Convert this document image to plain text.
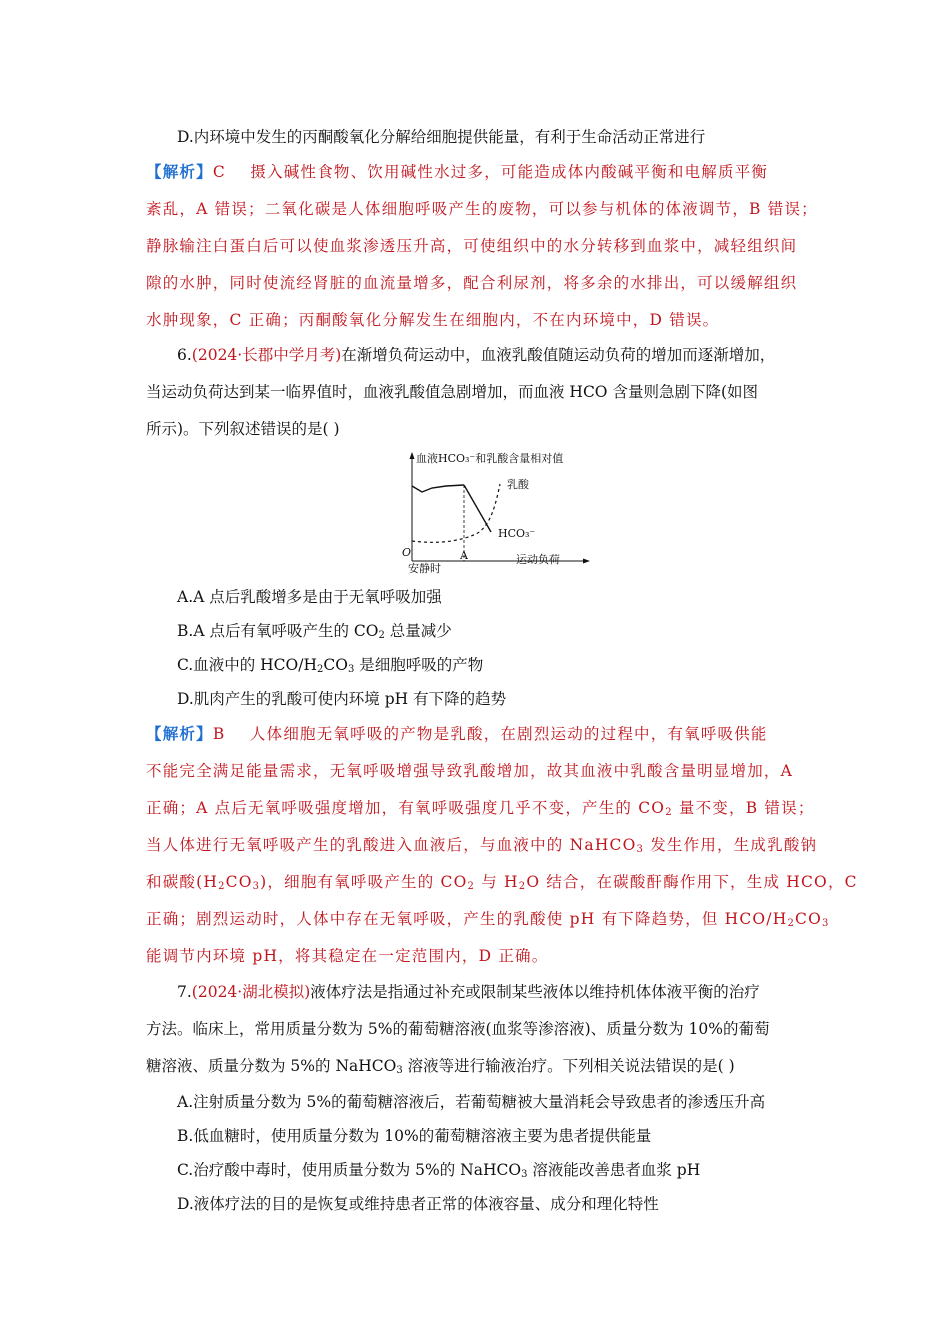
D.内环境中发生的丙酮酸氧化分解给细胞提供能量，有利于生命活动正常进行
【解析】C 摄入碱性食物、饮用碱性水过多，可能造成体内酸碱平衡和电解质平衡
紊乱，A 错误；二氧化碳是人体细胞呼吸产生的废物，可以参与机体的体液调节，B 错误；
静脉输注白蛋白后可以使血浆渗透压升高，可使组织中的水分转移到血浆中，减轻组织间
隙的水肿，同时使流经肾脏的血流量增多，配合利尿剂，将多余的水排出，可以缓解组织
水肿现象，C 正确；丙酮酸氧化分解发生在细胞内，不在内环境中，D 错误。
6.(2024·长郡中学月考)在渐增负荷运动中，血液乳酸值随运动负荷的增加而逐渐增加，
当运动负荷达到某一临界值时，血液乳酸值急剧增加，而血液 HCO 含量则急剧下降(如图
所示)。下列叙述错误的是( )
血液HCO₃⁻和乳酸含量相对值
乳酸
HCO₃⁻
O
安静时
A	运动负荷
A.A 点后乳酸增多是由于无氧呼吸加强
B.A 点后有氧呼吸产生的 $CO_2$ 总量减少
C.血液中的 HCO/$H_2CO_3$ 是细胞呼吸的产物
D.肌肉产生的乳酸可使内环境 pH 有下降的趋势
【解析】B 人体细胞无氧呼吸的产物是乳酸，在剧烈运动的过程中，有氧呼吸供能
不能完全满足能量需求，无氧呼吸增强导致乳酸增加，故其血液中乳酸含量明显增加，A
正确；A 点后无氧呼吸强度增加，有氧呼吸强度几乎不变，产生的 $CO_2$ 量不变，B 错误；
当人体进行无氧呼吸产生的乳酸进入血液后，与血液中的 NaHCO$_3$ 发生作用，生成乳酸钠
和碳酸$(H_2CO_3)$，细胞有氧呼吸产生的 $CO_2$ 与 $H_2O$ 结合，在碳酸酐酶作用下，生成 HCO，C
正确；剧烈运动时，人体中存在无氧呼吸，产生的乳酸使 pH 有下降趋势，但 HCO/$H_2CO_3$
能调节内环境 pH，将其稳定在一定范围内，D 正确。
7.(2024·湖北模拟)液体疗法是指通过补充或限制某些液体以维持机体体液平衡的治疗
方法。临床上，常用质量分数为 5%的葡萄糖溶液(血浆等渗溶液)、质量分数为 10%的葡萄
糖溶液、质量分数为 5%的 NaHCO$_3$ 溶液等进行输液治疗。下列相关说法错误的是( )
A.注射质量分数为 5%的葡萄糖溶液后，若葡萄糖被大量消耗会导致患者的渗透压升高
B.低血糖时，使用质量分数为 10%的葡萄糖溶液主要为患者提供能量
C.治疗酸中毒时，使用质量分数为 5%的 NaHCO$_3$ 溶液能改善患者血浆 pH
D.液体疗法的目的是恢复或维持患者正常的体液容量、成分和理化特性
